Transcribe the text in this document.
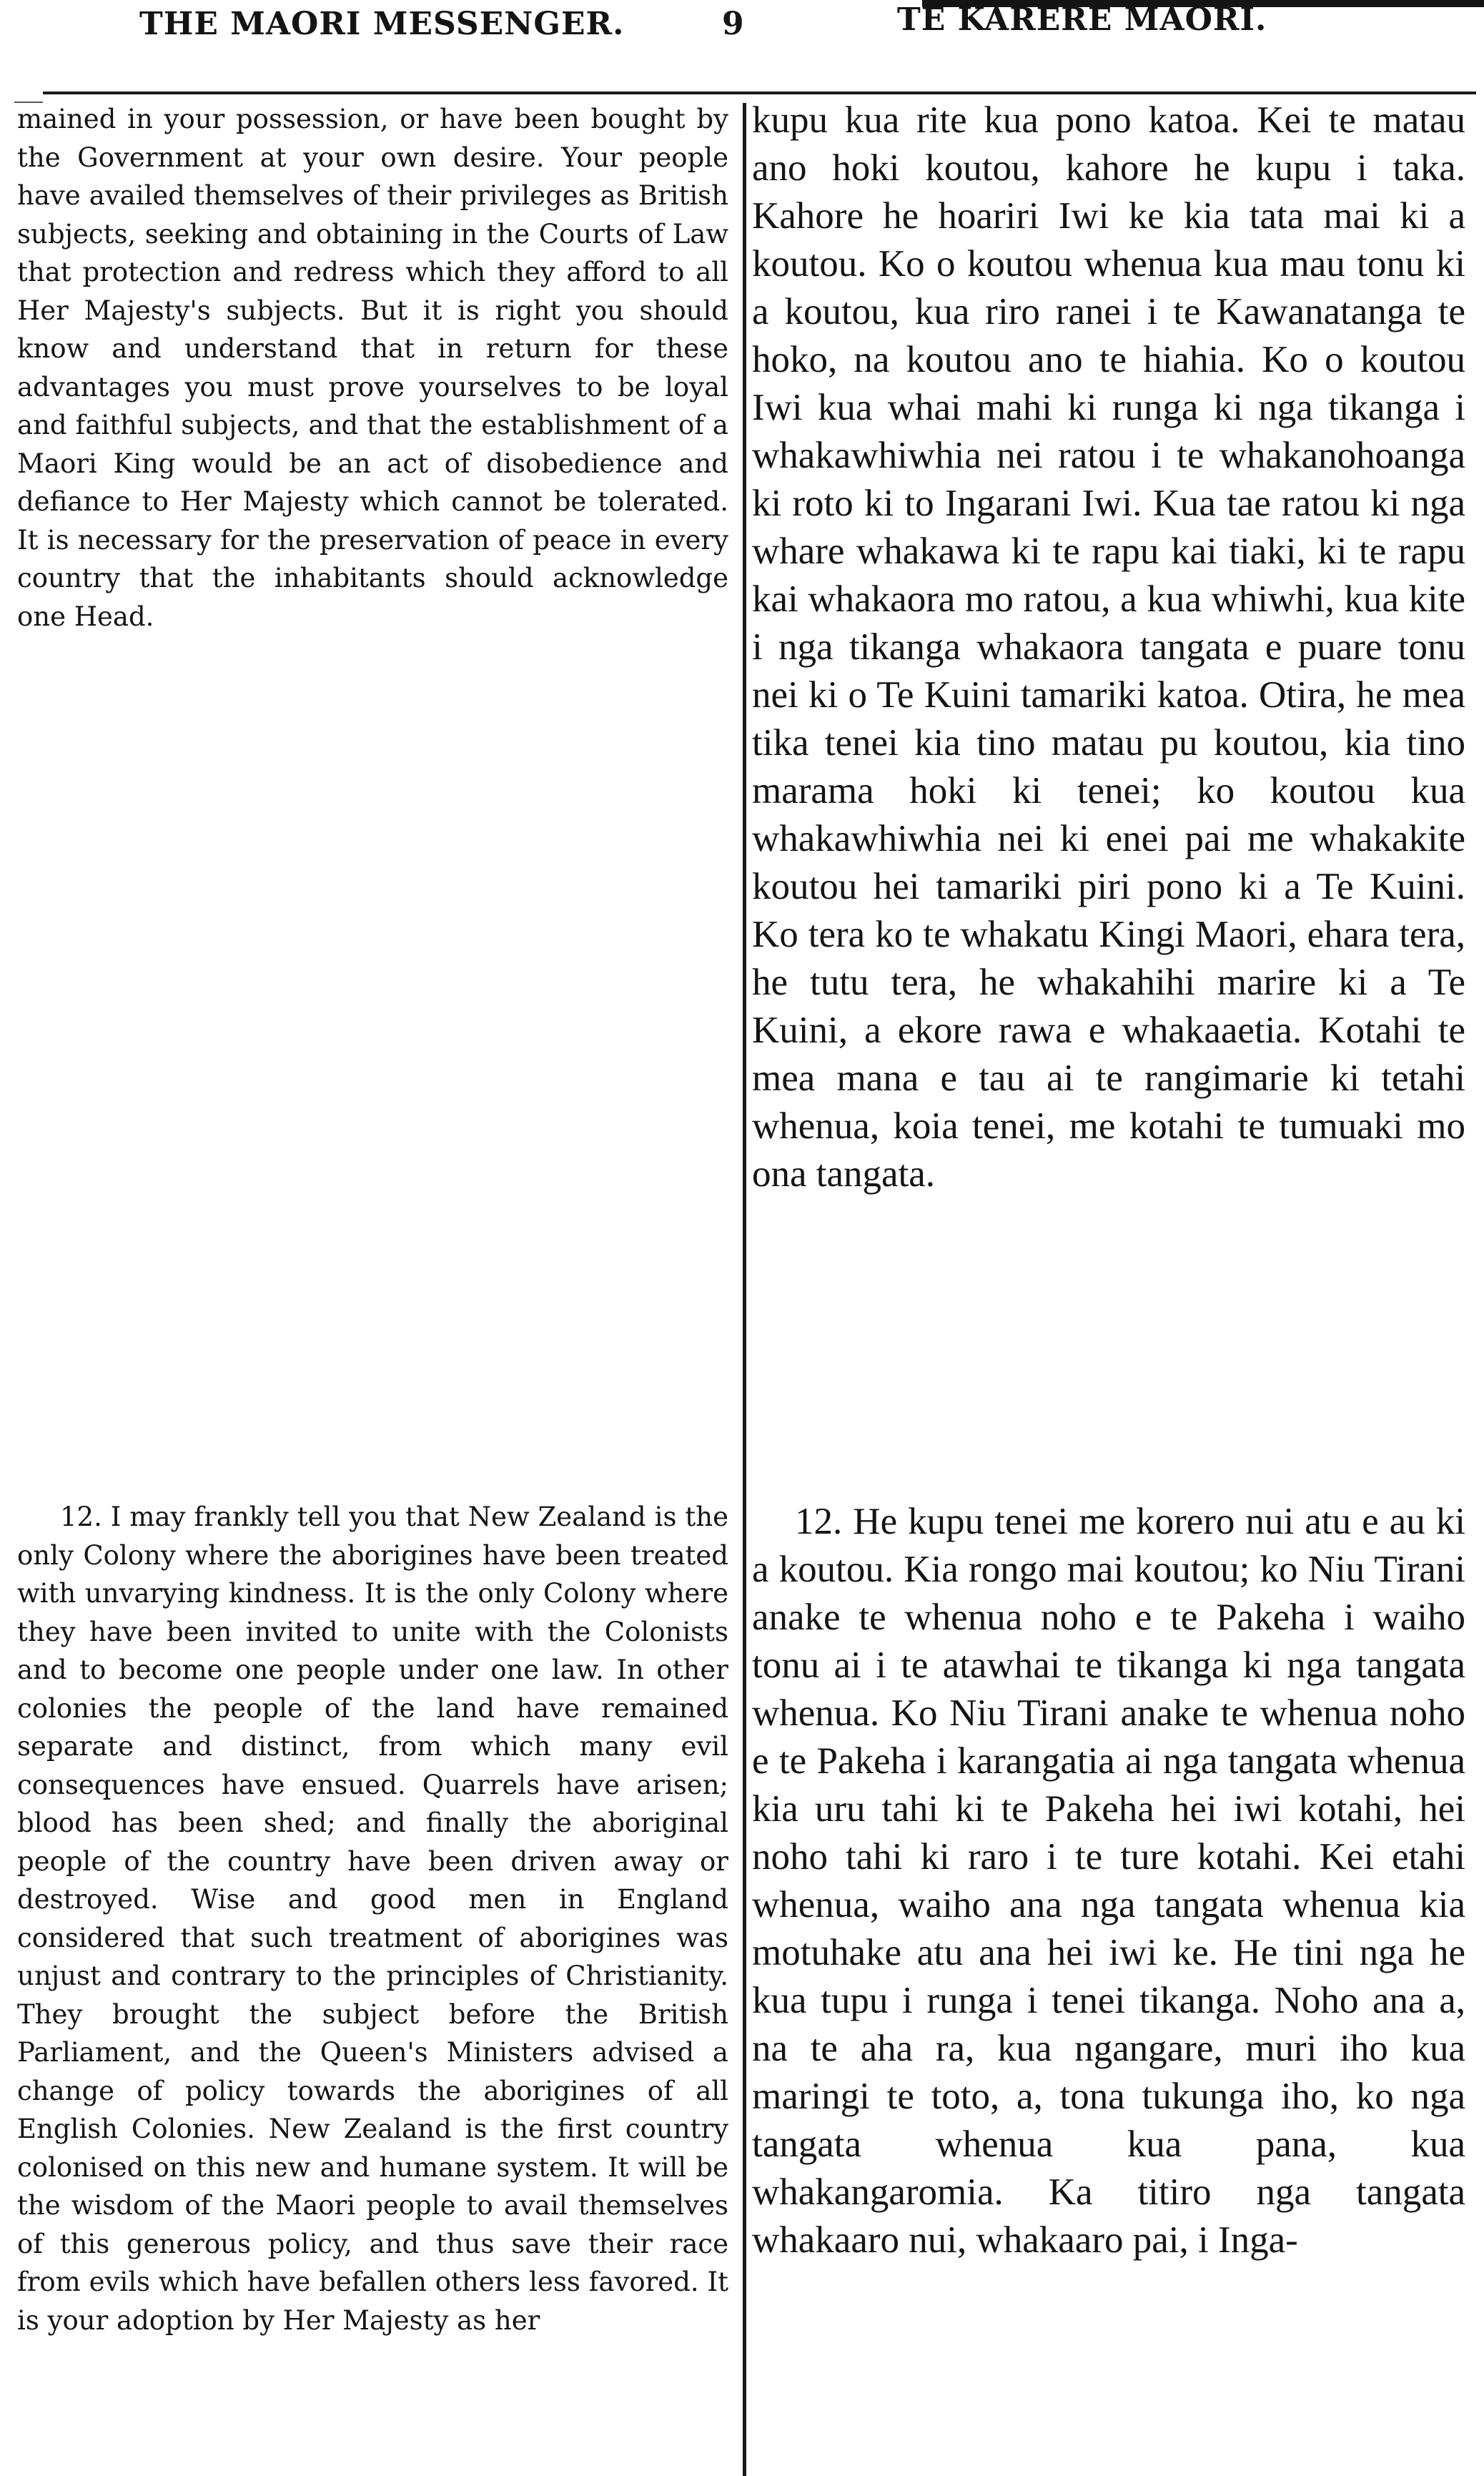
THE MAORI MESSENGER.	9	TE KARERE MAORI.

mained in your possession, or have been bought by the Government at your own desire. Your people have availed themselves of their privileges as British subjects, seeking and obtaining in the Courts of Law that protection and redress which they afford to all Her Majesty's subjects. But it is right you should know and understand that in return for these advantages you must prove yourselves to be loyal and faithful subjects, and that the establishment of a Maori King would be an act of disobedience and defiance to Her Majesty which cannot be tolerated. It is necessary for the preservation of peace in every country that the inhabitants should acknowledge one Head.

12. I may frankly tell you that New Zealand is the only Colony where the aborigines have been treated with unvarying kindness. It is the only Colony where they have been invited to unite with the Colonists and to become one people under one law. In other colonies the people of the land have remained separate and distinct, from which many evil consequences have ensued. Quarrels have arisen; blood has been shed; and finally the aboriginal people of the country have been driven away or destroyed. Wise and good men in England considered that such treatment of aborigines was unjust and contrary to the principles of Christianity. They brought the subject before the British Parliament, and the Queen's Ministers advised a change of policy towards the aborigines of all English Colonies. New Zealand is the first country colonised on this new and humane system. It will be the wisdom of the Maori people to avail themselves of this generous policy, and thus save their race from evils which have befallen others less favored. It is your adoption by Her Majesty as her

kupu kua rite kua pono katoa. Kei te matau ano hoki koutou, kahore he kupu i taka. Kahore he hoariri Iwi ke kia tata mai ki a koutou. Ko o koutou whenua kua mau tonu ki a koutou, kua riro ranei i te Kawanatanga te hoko, na koutou ano te hiahia. Ko o koutou Iwi kua whai mahi ki runga ki nga tikanga i whakawhiwhia nei ratou i te whakanohoanga ki roto ki to Ingarani Iwi. Kua tae ratou ki nga whare whakawa ki te rapu kai tiaki, ki te rapu kai whakaora mo ratou, a kua whiwhi, kua kite i nga tikanga whakaora tangata e puare tonu nei ki o Te Kuini tamariki katoa. Otira, he mea tika tenei kia tino matau pu koutou, kia tino marama hoki ki tenei; ko koutou kua whakawhiwhia nei ki enei pai me whakakite koutou hei tamariki piri pono ki a Te Kuini. Ko tera ko te whakatu Kingi Maori, ehara tera, he tutu tera, he whakahihi marire ki a Te Kuini, a ekore rawa e whakaaetia. Kotahi te mea mana e tau ai te rangimarie ki tetahi whenua, koia tenei, me kotahi te tumuaki mo ona tangata.

12. He kupu tenei me korero nui atu e au ki a koutou. Kia rongo mai koutou; ko Niu Tirani anake te whenua noho e te Pakeha i waiho tonu ai i te atawhai te tikanga ki nga tangata whenua. Ko Niu Tirani anake te whenua noho e te Pakeha i karangatia ai nga tangata whenua kia uru tahi ki te Pakeha hei iwi kotahi, hei noho tahi ki raro i te ture kotahi. Kei etahi whenua, waiho ana nga tangata whenua kia motuhake atu ana hei iwi ke. He tini nga he kua tupu i runga i tenei tikanga. Noho ana a, na te aha ra, kua ngangare, muri iho kua maringi te toto, a, tona tukunga iho, ko nga tangata whenua kua pana, kua whakangaromia. Ka titiro nga tangata whakaaro nui, whakaaro pai, i Inga-
